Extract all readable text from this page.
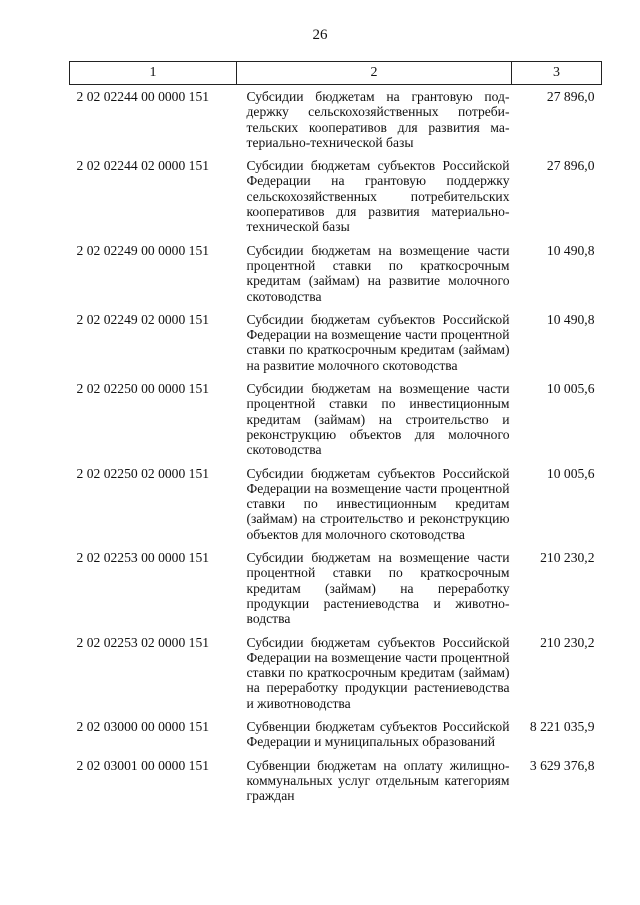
26
1	2	3
2 02 02244 00 0000 151	Субсидии бюджетам на грантовую поддержку сельскохозяйственных потребительских кооперативов для развития материально-технической базы	27 896,0
2 02 02244 02 0000 151	Субсидии бюджетам субъектов Российской Федерации на грантовую поддержку сельскохозяйственных потребительских кооперативов для развития материально-технической базы	27 896,0
2 02 02249 00 0000 151	Субсидии бюджетам на возмещение части процентной ставки по краткосрочным кредитам (займам) на развитие молочного скотоводства	10 490,8
2 02 02249 02 0000 151	Субсидии бюджетам субъектов Российской Федерации на возмещение части процентной ставки по краткосрочным кредитам (займам) на развитие молочного скотоводства	10 490,8
2 02 02250 00 0000 151	Субсидии бюджетам на возмещение части процентной ставки по инвестиционным кредитам (займам) на строительство и реконструкцию объектов для молочного скотоводства	10 005,6
2 02 02250 02 0000 151	Субсидии бюджетам субъектов Российской Федерации на возмещение части процентной ставки по инвестиционным кредитам (займам) на строительство и реконструкцию объектов для молочного скотоводства	10 005,6
2 02 02253 00 0000 151	Субсидии бюджетам на возмещение части процентной ставки по краткосрочным кредитам (займам) на переработку продукции растениеводства и животноводства	210 230,2
2 02 02253 02 0000 151	Субсидии бюджетам субъектов Российской Федерации на возмещение части процентной ставки по краткосрочным кредитам (займам) на переработку продукции растениеводства и животноводства	210 230,2
2 02 03000 00 0000 151	Субвенции бюджетам субъектов Российской Федерации и муниципальных образований	8 221 035,9
2 02 03001 00 0000 151	Субвенции бюджетам на оплату жилищно-коммунальных услуг отдельным категориям граждан	3 629 376,8
